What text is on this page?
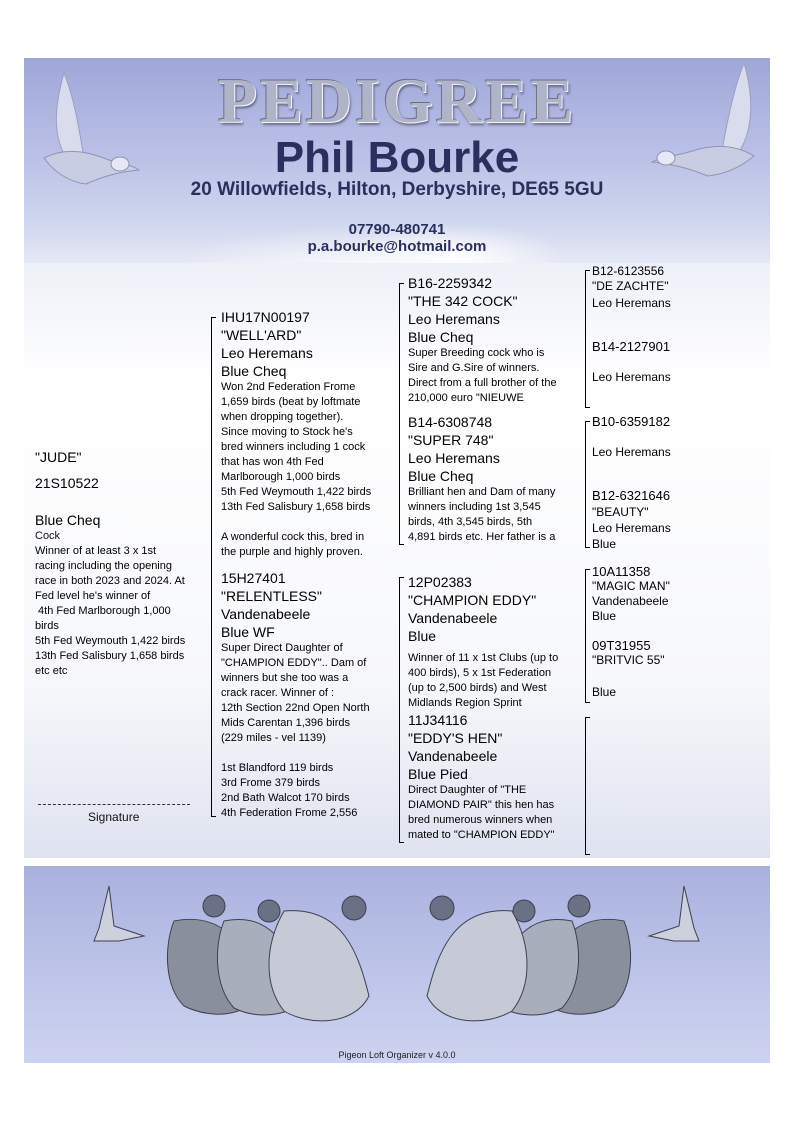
PEDIGREE
Phil Bourke
20 Willowfields, Hilton, Derbyshire, DE65 5GU
07790-480741
p.a.bourke@hotmail.com
"JUDE"
21S10522
Blue Cheq
Cock
Winner of at least 3 x 1st
racing including the opening
race in both 2023 and 2024. At
Fed level he's winner of
4th Fed Marlborough 1,000
birds
5th Fed Weymouth 1,422 birds
13th Fed Salisbury 1,658 birds
etc etc
Signature
IHU17N00197
"WELL'ARD"
Leo Heremans
Blue Cheq
Won 2nd Federation Frome
1,659 birds (beat by loftmate
when dropping together).
Since moving to Stock he's
bred winners including 1 cock
that has won 4th Fed
Marlborough 1,000 birds
5th Fed Weymouth 1,422 birds
13th Fed Salisbury 1,658 birds
A wonderful cock this, bred in
the purple and highly proven.
15H27401
"RELENTLESS"
Vandenabeele
Blue WF
Super Direct Daughter of
"CHAMPION EDDY".. Dam of
winners but she too was a
crack racer. Winner of :
12th Section 22nd Open North
Mids Carentan 1,396 birds
(229 miles - vel 1139)
1st Blandford 119 birds
3rd Frome 379 birds
2nd Bath Walcot 170 birds
4th Federation Frome 2,556
B16-2259342
"THE 342 COCK"
Leo Heremans
Blue Cheq
Super Breeding cock who is
Sire and G.Sire of winners.
Direct from a full brother of the
210,000 euro "NIEUWE
B14-6308748
"SUPER 748"
Leo Heremans
Blue Cheq
Brilliant hen and Dam of many
winners including 1st 3,545
birds, 4th 3,545 birds, 5th
4,891 birds etc. Her father is a
12P02383
"CHAMPION EDDY"
Vandenabeele
Blue
Winner of 11 x 1st Clubs (up to
400 birds), 5 x 1st Federation
(up to 2,500 birds) and West
Midlands Region Sprint
11J34116
"EDDY'S HEN"
Vandenabeele
Blue Pied
Direct Daughter of "THE
DIAMOND PAIR" this hen has
bred numerous winners when
mated to "CHAMPION EDDY"
B12-6123556
"DE ZACHTE"
Leo Heremans
B14-2127901
Leo Heremans
B10-6359182
Leo Heremans
B12-6321646
"BEAUTY"
Leo Heremans
Blue
10A11358
"MAGIC MAN"
Vandenabeele
Blue
09T31955
"BRITVIC 55"
Blue
Pigeon Loft Organizer v 4.0.0
